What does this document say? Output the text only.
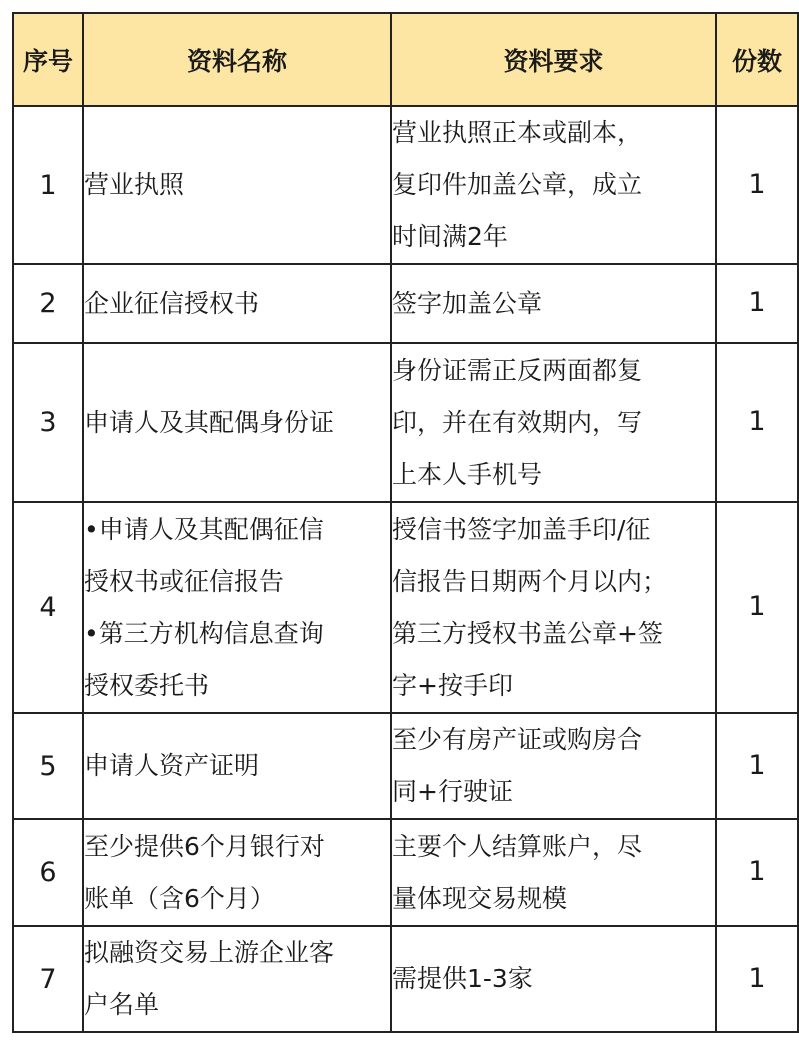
序号	资料名称	资料要求	份数
1	营业执照	营业执照正本或副本，
复印件加盖公章，成立
时间满2年	1

2	企业征信授权书	签字加盖公章	1

3	申请人及其配偶身份证	身份证需正反两面都复
印，并在有效期内，写
上本人手机号	1

4	•申请人及其配偶征信
授权书或征信报告
•第三方机构信息查询
授权委托书	授信书签字加盖手印/征
信报告日期两个月以内；
第三方授权书盖公章+签
字+按手印	1

5	申请人资产证明	至少有房产证或购房合
同+行驶证	1

6	至少提供6个月银行对
账单（含6个月）	主要个人结算账户，尽
量体现交易规模	1

7	拟融资交易上游企业客
户名单	需提供1-3家	1
